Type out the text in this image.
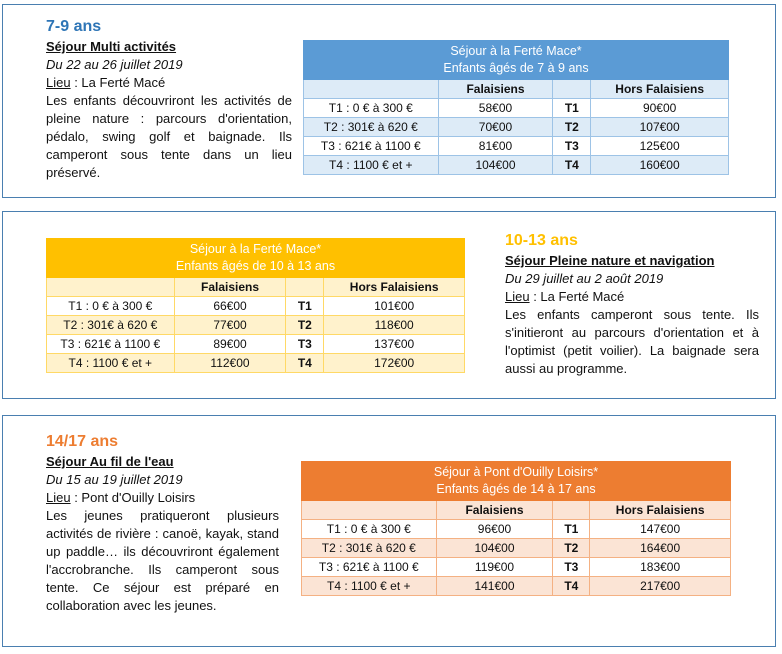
7-9 ans
Séjour Multi activités
Du 22 au 26 juillet 2019
Lieu : La Ferté Macé
Les enfants découvriront les activités de pleine nature : parcours d'orientation, pédalo, swing golf et baignade. Ils camperont sous tente dans un lieu préservé.
Séjour à la Ferté Mace*
Enfants âgés de 7 à 9 ans			

	Falaisiens		Hors Falaisiens
T1 : 0 € à 300 €	58€00	T1	90€00
T2 : 301€ à 620 €	70€00	T2	107€00
T3 : 621€ à 1100 €	81€00	T3	125€00
T4 : 1100 € et +	104€00	T4	160€00
Séjour à la Ferté Mace*
Enfants âgés de 10 à 13 ans			

	Falaisiens		Hors Falaisiens
T1 : 0 € à 300 €	66€00	T1	101€00
T2 : 301€ à 620 €	77€00	T2	118€00
T3 : 621€ à 1100 €	89€00	T3	137€00
T4 : 1100 € et +	112€00	T4	172€00
10-13 ans
Séjour Pleine nature et navigation
Du 29 juillet au 2 août 2019
Lieu : La Ferté Macé
Les enfants camperont sous tente. Ils s'initieront au parcours d'orientation et à l'optimist (petit voilier). La baignade sera aussi au programme.
14/17 ans
Séjour Au fil de l'eau
Du 15 au 19 juillet 2019
Lieu : Pont d'Ouilly Loisirs
Les jeunes pratiqueront plusieurs activités de rivière : canoë, kayak, stand up paddle… ils découvriront également l'accrobranche. Ils camperont sous tente. Ce séjour est préparé en collaboration avec les jeunes.
Séjour à Pont d'Ouilly Loisirs*
Enfants âgés de 14 à 17 ans			

	Falaisiens		Hors Falaisiens
T1 : 0 € à 300 €	96€00	T1	147€00
T2 : 301€ à 620 €	104€00	T2	164€00
T3 : 621€ à 1100 €	119€00	T3	183€00
T4 : 1100 € et +	141€00	T4	217€00
